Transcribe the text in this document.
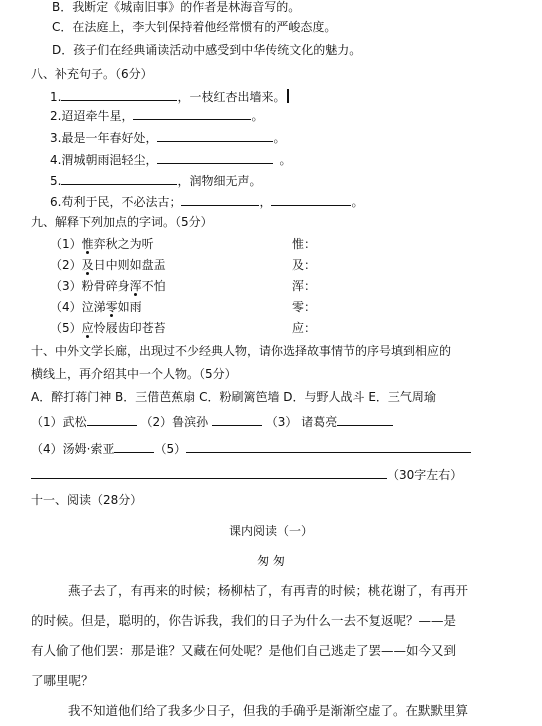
B．我断定《城南旧事》的作者是林海音写的。
C．在法庭上，李大钊保持着他经常惯有的严峻态度。
D．孩子们在经典诵读活动中感受到中华传统文化的魅力。
八、补充句子。（6分）
1.	，一枝红杏出墙来。
2.迢迢牵牛星，	。
3.最是一年春好处，	。
4.渭城朝雨浥轻尘，	。
5.	，润物细无声。
6.苟利于民，不必法古；	，	。
九、解释下列加点的字词。（5分）
（1）惟弈秋之为听	惟：
（2）及日中则如盘盂	及：
（3）粉骨碎身浑不怕	浑：
（4）泣涕零如雨	零：
（5）应怜屐齿印苍苔	应：
十、中外文学长廊，出现过不少经典人物，请你选择故事情节的序号填到相应的
横线上，再介绍其中一个人物。（5分）
A．醉打蒋门神 B．三借芭蕉扇 C．粉刷篱笆墙 D．与野人战斗 E．三气周瑜
（1）武松	（2）鲁滨孙	（3） 诸葛亮
（4）汤姆·索亚	（5）
（30字左右）
十一、阅读（28分）
课内阅读（一）
匆 匆
燕子去了，有再来的时候；杨柳枯了，有再青的时候；桃花谢了，有再开
的时候。但是，聪明的，你告诉我，我们的日子为什么一去不复返呢？——是
有人偷了他们罢：那是谁？又藏在何处呢？是他们自己逃走了罢——如今又到
了哪里呢？
我不知道他们给了我多少日子，但我的手确乎是渐渐空虚了。在默默里算
